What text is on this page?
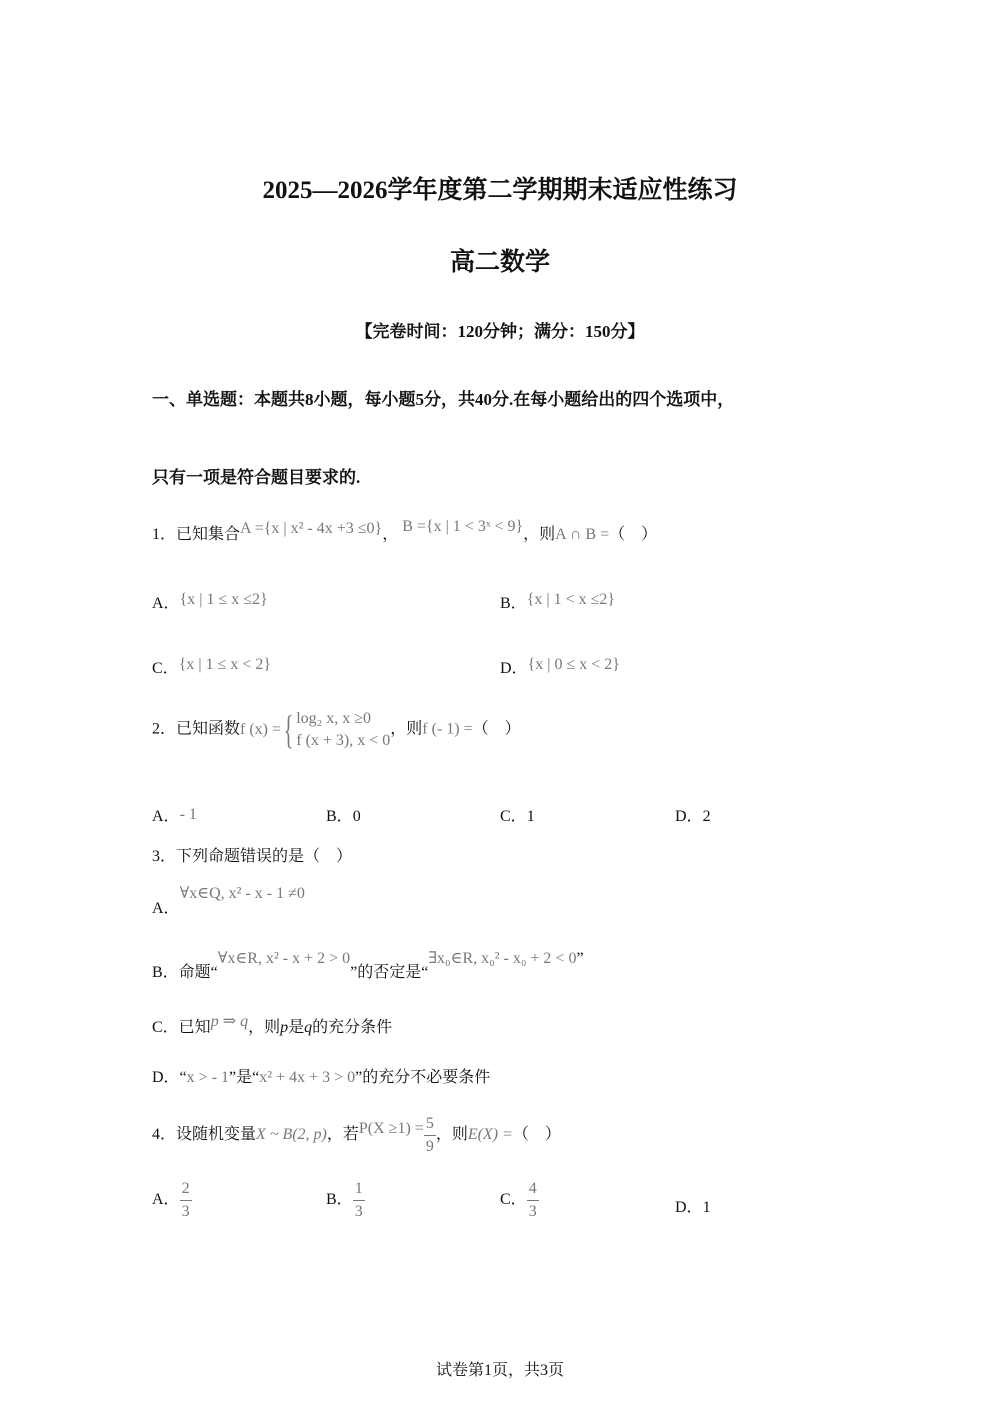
2025—2026学年度第二学期期末适应性练习
高二数学
【完卷时间：120分钟；满分：150分】
一、单选题：本题共8小题，每小题5分，共40分.在每小题给出的四个选项中，
只有一项是符合题目要求的.
1．已知集合A ={x | x² - 4x +3 ≤0}， B ={x | 1 < 3ˣ < 9}，则A ∩ B =（　）
A．{x | 1 ≤ x ≤2}	B．{x | 1 < x ≤2}
C．{x | 1 ≤ x < 2}	D．{x | 0 ≤ x < 2}
2．已知函数f (x) ={ log₂ x, x ≥0
f (x + 3), x < 0
，则f (- 1) =（　）
A．- 1	B．0	C．1	D．2
3．下列命题错误的是（　）
A．∀x∈Q, x² - x - 1 ≠0
B．命题“∀x∈R, x² - x + 2 > 0”的否定是“∃x₀∈R, x₀² - x₀ + 2 < 0”
C．已知p ⇒ q，则p是q的充分条件
D．“x > - 1”是“x² + 4x + 3 > 0”的充分不必要条件
4．设随机变量X ~ B(2, p)，若$P(X \ge 1) = \frac{5}{9}$ ，则E(X) =（　）
A． $\frac{2}{3}$	B． $\frac{1}{3}$	C． $\frac{4}{3}$	D．1
试卷第1页，共3页
